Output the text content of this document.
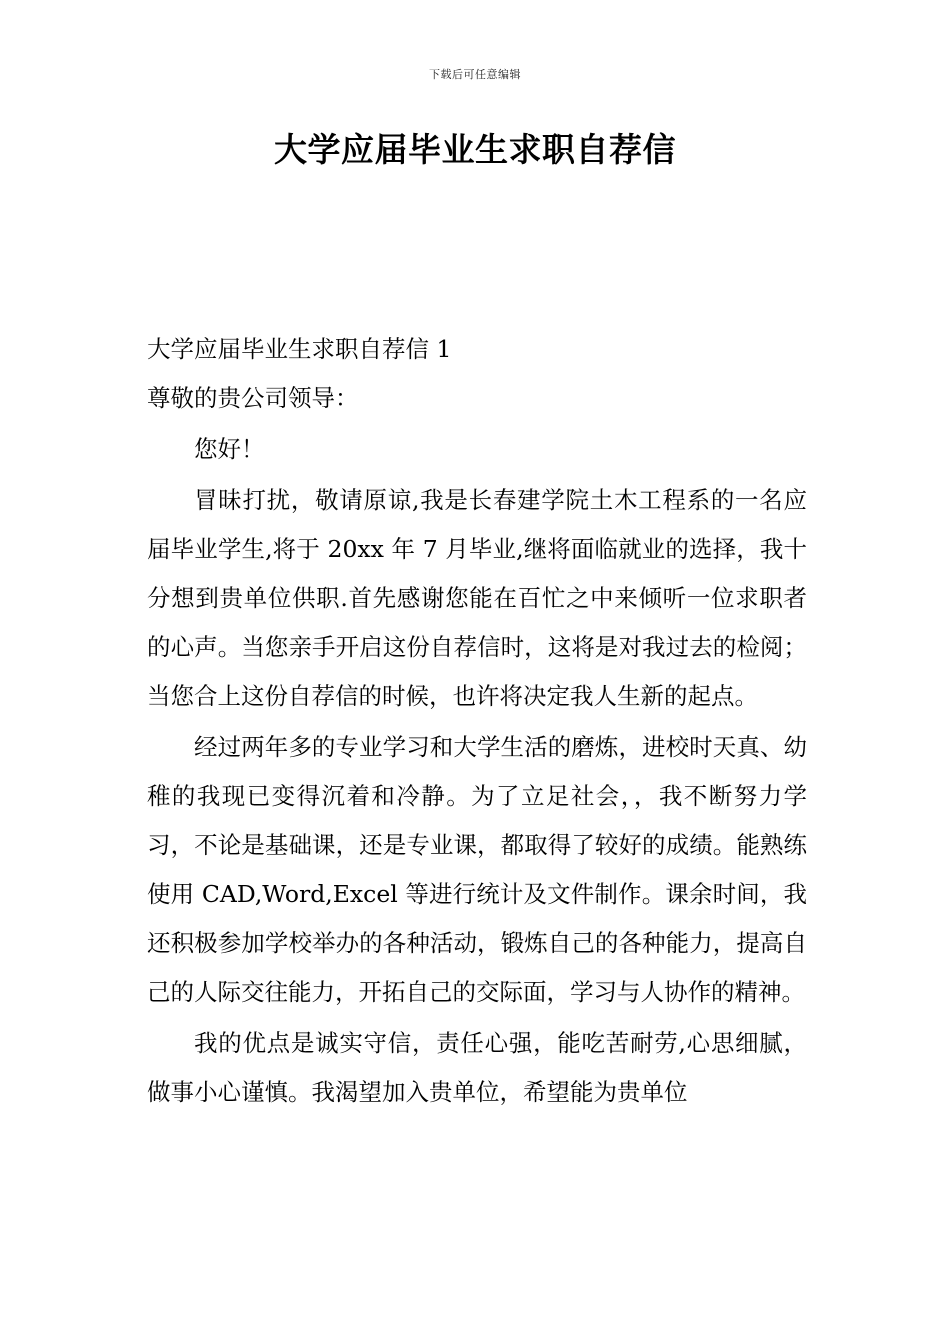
下载后可任意编辑
大学应届毕业生求职自荐信

大学应届毕业生求职自荐信 1

尊敬的贵公司领导：

您好！

冒昧打扰，敬请原谅,我是长春建学院土木工程系的一名应届毕业学生,将于 20xx 年 7 月毕业,继将面临就业的选择，我十分想到贵单位供职.首先感谢您能在百忙之中来倾听一位求职者的心声。当您亲手开启这份自荐信时，这将是对我过去的检阅；当您合上这份自荐信的时候，也许将决定我人生新的起点。

经过两年多的专业学习和大学生活的磨炼，进校时天真、幼稚的我现已变得沉着和冷静。为了立足社会，，我不断努力学习，不论是基础课，还是专业课，都取得了较好的成绩。能熟练使用 CAD,Word,Excel 等进行统计及文件制作。课余时间，我还积极参加学校举办的各种活动，锻炼自己的各种能力，提高自己的人际交往能力，开拓自己的交际面，学习与人协作的精神。

我的优点是诚实守信，责任心强，能吃苦耐劳,心思细腻，做事小心谨慎。我渴望加入贵单位，希望能为贵单位
